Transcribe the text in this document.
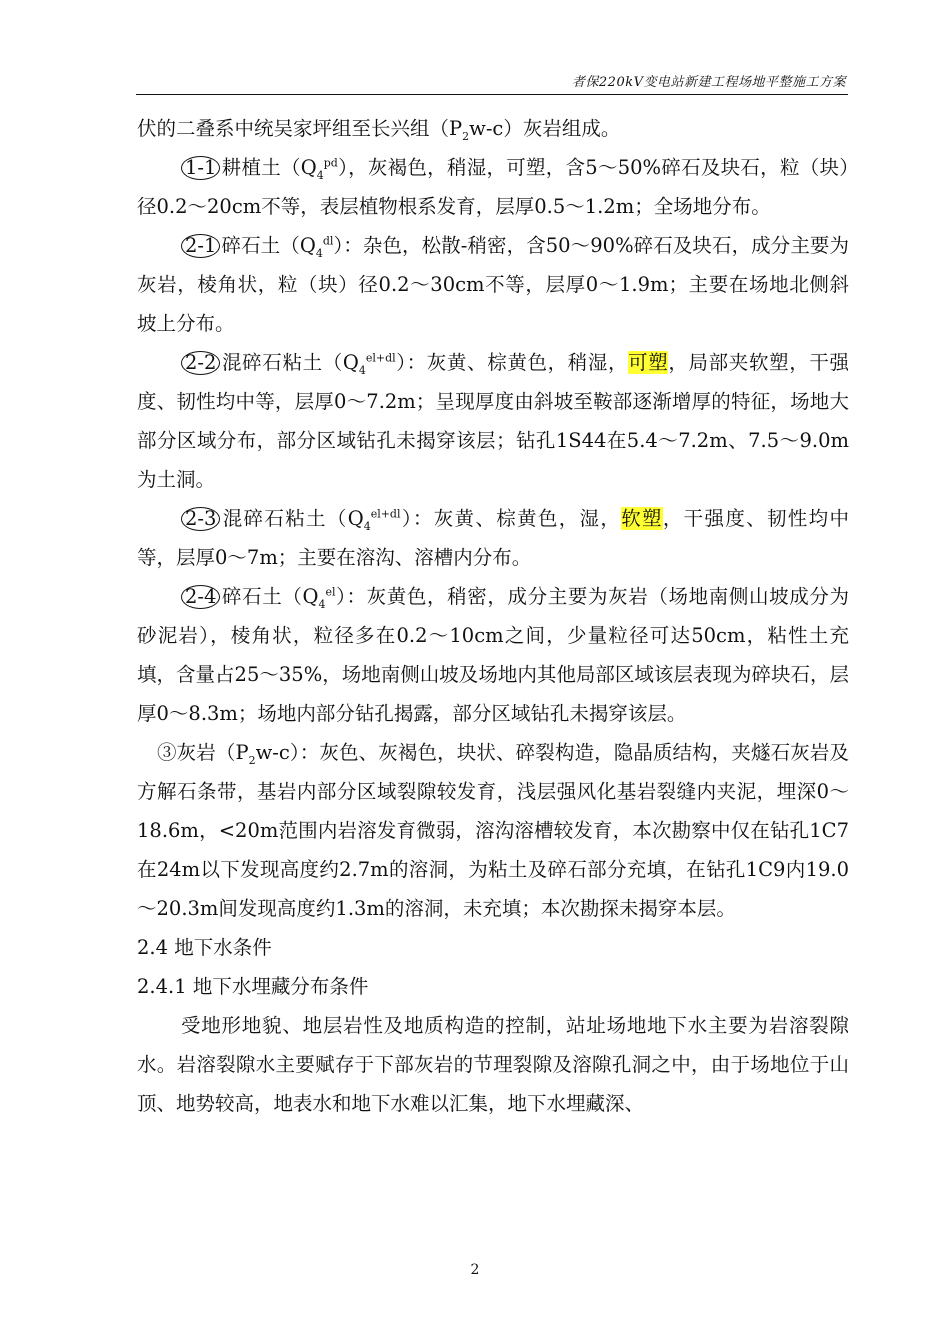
者保220kV变电站新建工程场地平整施工方案

伏的二叠系中统吴家坪组至长兴组$(P_2w-c)$灰岩组成。

1-1 耕植土$(Q_4^{pd})$，灰褐色，稍湿，可塑，含5～50%碎石及块石，粒（块）径0.2～20cm不等，表层植物根系发育，层厚0.5～1.2m；全场地分布。

2-1 碎石土$(Q_4^{dl})$：杂色，松散-稍密，含50～90%碎石及块石，成分主要为灰岩，棱角状，粒（块）径0.2～30cm不等，层厚0～1.9m；主要在场地北侧斜坡上分布。

2-2 混碎石粘土$(Q_4^{el+dl})$：灰黄、棕黄色，稍湿，可塑，局部夹软塑，干强度、韧性均中等，层厚0～7.2m；呈现厚度由斜坡至鞍部逐渐增厚的特征，场地大部分区域分布，部分区域钻孔未揭穿该层；钻孔1S44在5.4～7.2m、7.5～9.0m为土洞。

2-3 混碎石粘土$(Q_4^{el+dl})$：灰黄、棕黄色，湿，软塑，干强度、韧性均中等，层厚0～7m；主要在溶沟、溶槽内分布。

2-4 碎石土$(Q_4^{el})$：灰黄色，稍密，成分主要为灰岩（场地南侧山坡成分为砂泥岩），棱角状，粒径多在0.2～10cm之间，少量粒径可达50cm，粘性土充填，含量占25～35%，场地南侧山坡及场地内其他局部区域该层表现为碎块石，层厚0～8.3m；场地内部分钻孔揭露，部分区域钻孔未揭穿该层。

③灰岩$(P_2w-c)$：灰色、灰褐色，块状、碎裂构造，隐晶质结构，夹燧石灰岩及方解石条带，基岩内部分区域裂隙较发育，浅层强风化基岩裂缝内夹泥，埋深0～18.6m，<20m范围内岩溶发育微弱，溶沟溶槽较发育，本次勘察中仅在钻孔1C7在24m以下发现高度约2.7m的溶洞，为粘土及碎石部分充填，在钻孔1C9内19.0～20.3m间发现高度约1.3m的溶洞，未充填；本次勘探未揭穿本层。

2.4 地下水条件

2.4.1 地下水埋藏分布条件

受地形地貌、地层岩性及地质构造的控制，站址场地地下水主要为岩溶裂隙水。岩溶裂隙水主要赋存于下部灰岩的节理裂隙及溶隙孔洞之中，由于场地位于山顶、地势较高，地表水和地下水难以汇集，地下水埋藏深、

2
